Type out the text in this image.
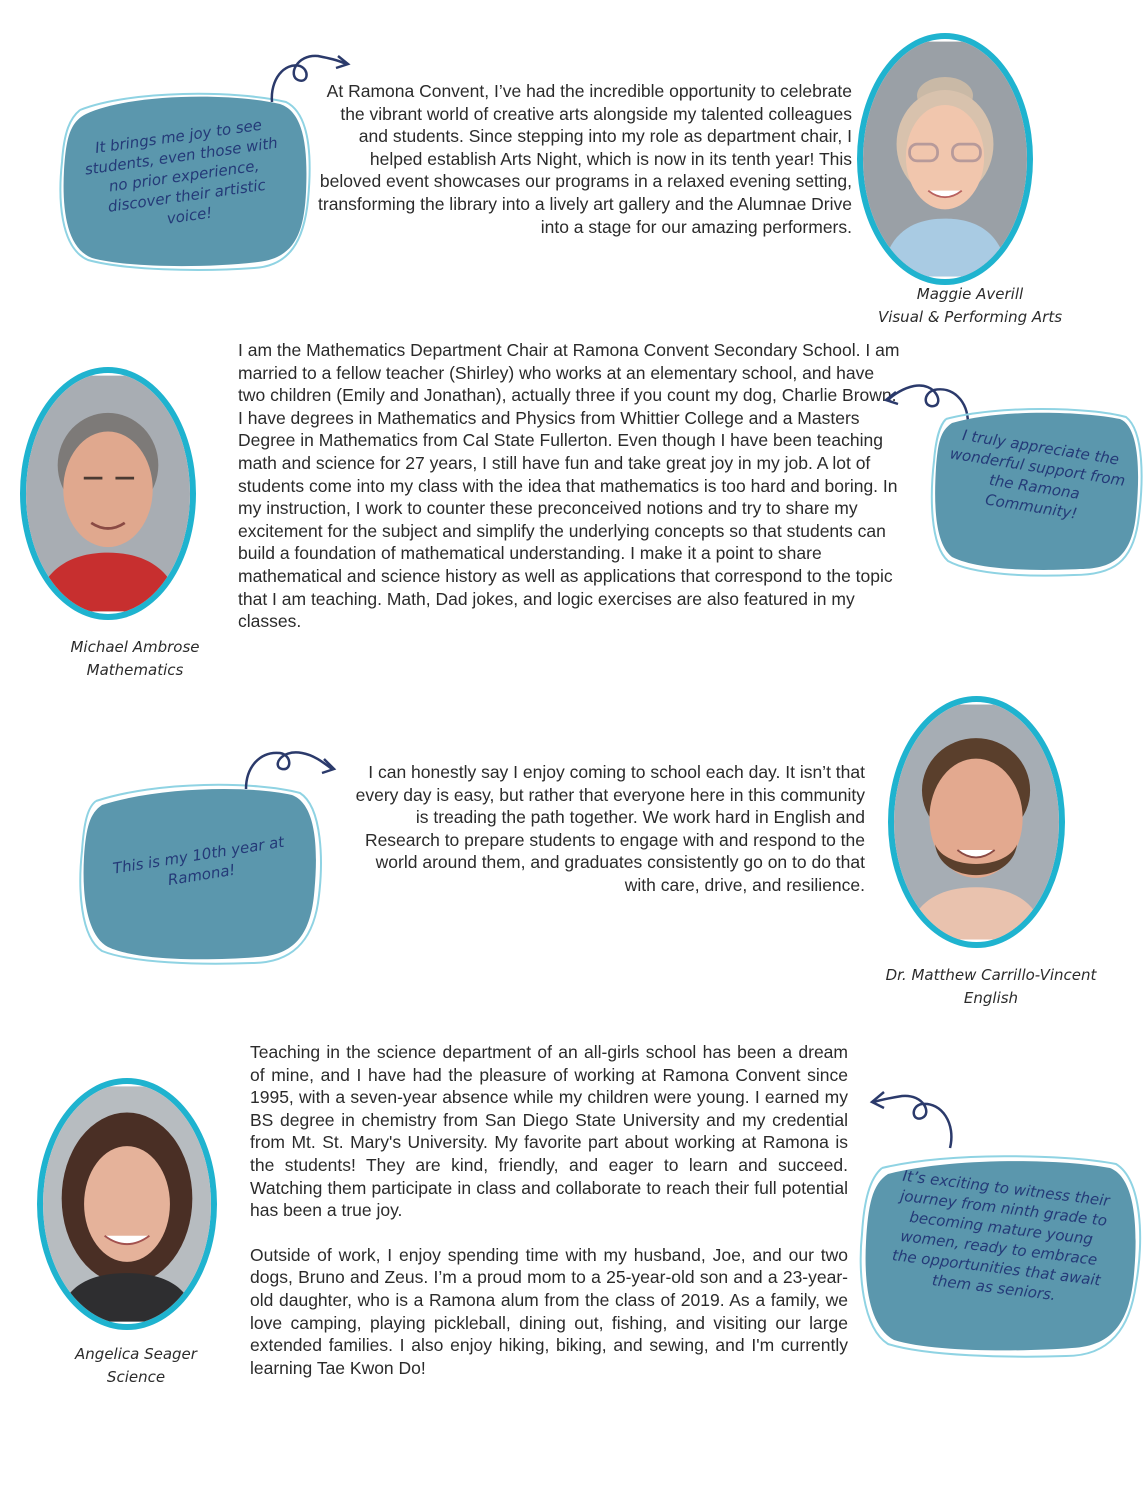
It brings me joy to see students, even those with no prior experience, discover their artistic voice!

At Ramona Convent, I’ve had the incredible opportunity to celebrate the vibrant world of creative arts alongside my talented colleagues and students. Since stepping into my role as department chair, I helped establish Arts Night, which is now in its tenth year! This beloved event showcases our programs in a relaxed evening setting, transforming the library into a lively art gallery and the Alumnae Drive into a stage for our amazing performers.

Maggie Averill
Visual & Performing Arts
Michael Ambrose
Mathematics

I am the Mathematics Department Chair at Ramona Convent Secondary School. I am married to a fellow teacher (Shirley) who works at an elementary school, and have two children (Emily and Jonathan), actually three if you count my dog, Charlie Brown. I have degrees in Mathematics and Physics from Whittier College and a Masters Degree in Mathematics from Cal State Fullerton. Even though I have been teaching math and science for 27 years, I still have fun and take great joy in my job. A lot of students come into my class with the idea that mathematics is too hard and boring. In my instruction, I work to counter these preconceived notions and try to share my excitement for the subject and simplify the underlying concepts so that students can build a foundation of mathematical understanding. I make it a point to share mathematical and science history as well as applications that correspond to the topic that I am teaching. Math, Dad jokes, and logic exercises are also featured in my classes.

I truly appreciate the wonderful support from the Ramona Community!
This is my 10th year at Ramona!

I can honestly say I enjoy coming to school each day. It isn’t that every day is easy, but rather that everyone here in this community is treading the path together. We work hard in English and Research to prepare students to engage with and respond to the world around them, and graduates consistently go on to do that with care, drive, and resilience.

Dr. Matthew Carrillo-Vincent
English
Angelica Seager
Science

Teaching in the science department of an all-girls school has been a dream of mine, and I have had the pleasure of working at Ramona Convent since 1995, with a seven-year absence while my children were young. I earned my BS degree in chemistry from San Diego State University and my credential from Mt. St. Mary's University. My favorite part about working at Ramona is the students! They are kind, friendly, and eager to learn and succeed. Watching them participate in class and collaborate to reach their full potential has been a true joy.

Outside of work, I enjoy spending time with my husband, Joe, and our two dogs, Bruno and Zeus. I’m a proud mom to a 25-year-old son and a 23-year-old daughter, who is a Ramona alum from the class of 2019. As a family, we love camping, playing pickleball, dining out, fishing, and visiting our large extended families. I also enjoy hiking, biking, and sewing, and I'm currently learning Tae Kwon Do!

It’s exciting to witness their journey from ninth grade to becoming mature young women, ready to embrace the opportunities that await them as seniors.
